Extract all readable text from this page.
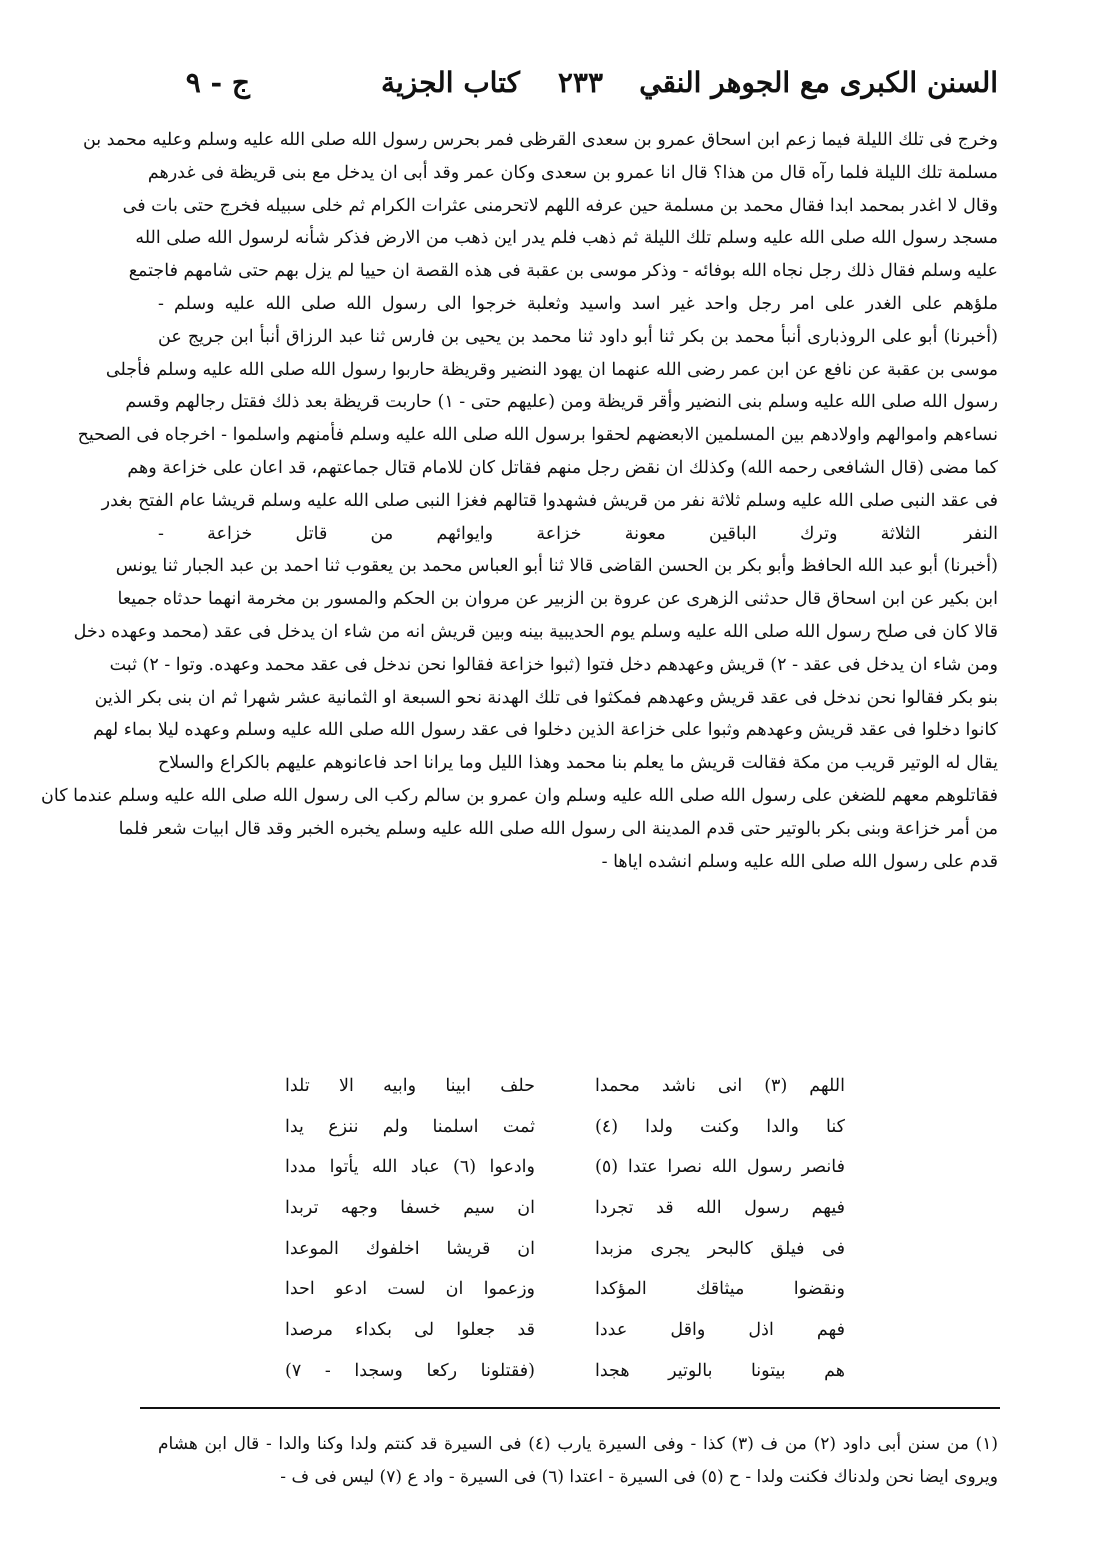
السنن الكبرى مع الجوهر النقي
٢٣٣
كتاب الجزية
ج - ٩
وخرج فى تلك الليلة فيما زعم ابن اسحاق عمرو بن سعدى القرظى فمر بحرس رسول الله صلى الله عليه وسلم وعليه محمد بن
مسلمة تلك الليلة فلما رآه قال من هذا؟ قال انا عمرو بن سعدى وكان عمر وقد أبى ان يدخل مع بنى قريظة فى غدرهم
وقال لا اغدر بمحمد ابدا فقال محمد بن مسلمة حين عرفه اللهم لاتحرمنى عثرات الكرام ثم خلى سبيله فخرج حتى بات فى
مسجد رسول الله صلى الله عليه وسلم تلك الليلة ثم ذهب فلم يدر اين ذهب من الارض فذكر شأنه لرسول الله صلى الله
عليه وسلم فقال ذلك رجل نجاه الله بوفائه - وذكر موسى بن عقبة فى هذه القصة ان حييا لم يزل بهم حتى شامهم فاجتمع
ملؤهم على الغدر على امر رجل واحد غير اسد واسيد وثعلبة خرجوا الى رسول الله صلى الله عليه وسلم -
(أخبرنا) أبو على الروذبارى أنبأ محمد بن بكر ثنا أبو داود ثنا محمد بن يحيى بن فارس ثنا عبد الرزاق أنبأ ابن جريج عن
موسى بن عقبة عن نافع عن ابن عمر رضى الله عنهما ان يهود النضير وقريظة حاربوا رسول الله صلى الله عليه وسلم فأجلى
رسول الله صلى الله عليه وسلم بنى النضير وأقر قريظة ومن (عليهم حتى - ١) حاربت قريظة بعد ذلك فقتل رجالهم وقسم
نساءهم واموالهم واولادهم بين المسلمين الابعضهم لحقوا برسول الله صلى الله عليه وسلم فأمنهم واسلموا - اخرجاه فى الصحيح
كما مضى (قال الشافعى رحمه الله) وكذلك ان نقض رجل منهم فقاتل كان للامام قتال جماعتهم، قد اعان على خزاعة وهم
فى عقد النبى صلى الله عليه وسلم ثلاثة نفر من قريش فشهدوا قتالهم فغزا النبى صلى الله عليه وسلم قريشا عام الفتح بغدر
النفر الثلاثة وترك الباقين معونة خزاعة وايوائهم من قاتل خزاعة -
(أخبرنا) أبو عبد الله الحافظ وأبو بكر بن الحسن القاضى قالا ثنا أبو العباس محمد بن يعقوب ثنا احمد بن عبد الجبار ثنا يونس
ابن بكير عن ابن اسحاق قال حدثنى الزهرى عن عروة بن الزبير عن مروان بن الحكم والمسور بن مخرمة انهما حدثاه جميعا
قالا كان فى صلح رسول الله صلى الله عليه وسلم يوم الحديبية بينه وبين قريش انه من شاء ان يدخل فى عقد (محمد وعهده دخل
ومن شاء ان يدخل فى عقد - ٢) قريش وعهدهم دخل فتوا (ثبوا خزاعة فقالوا نحن ندخل فى عقد محمد وعهده. وتوا - ٢) ثبت
بنو بكر فقالوا نحن ندخل فى عقد قريش وعهدهم فمكثوا فى تلك الهدنة نحو السبعة او الثمانية عشر شهرا ثم ان بنى بكر الذين
كانوا دخلوا فى عقد قريش وعهدهم وثبوا على خزاعة الذين دخلوا فى عقد رسول الله صلى الله عليه وسلم وعهده ليلا بماء لهم
يقال له الوتير قريب من مكة فقالت قريش ما يعلم بنا محمد وهذا الليل وما يرانا احد فاعانوهم عليهم بالكراع والسلاح
فقاتلوهم معهم للضغن على رسول الله صلى الله عليه وسلم وان عمرو بن سالم ركب الى رسول الله صلى الله عليه وسلم عندما كان
من أمر خزاعة وبنى بكر بالوتير حتى قدم المدينة الى رسول الله صلى الله عليه وسلم يخبره الخبر وقد قال ابيات شعر فلما
قدم على رسول الله صلى الله عليه وسلم انشده اياها -
اللهم (٣) انى ناشد محمدا
حلف ابينا وابيه الا تلدا
كنا والدا وكنت ولدا (٤)
ثمت اسلمنا ولم ننزع يدا
فانصر رسول الله نصرا عتدا (٥)
وادعوا (٦) عباد الله يأتوا مددا
فيهم رسول الله قد تجردا
ان سيم خسفا وجهه تربدا
فى فيلق كالبحر يجرى مزبدا
ان قريشا اخلفوك الموعدا
ونقضوا ميثاقك المؤكدا
وزعموا ان لست ادعو احدا
فهم اذل واقل عددا
قد جعلوا لى بكداء مرصدا
هم بيتونا بالوتير هجدا
(فقتلونا ركعا وسجدا - ٧)
(١) من سنن أبى داود (٢) من ف (٣) كذا - وفى السيرة يارب (٤) فى السيرة قد كنتم ولدا وكنا والدا - قال ابن هشام
ويروى ايضا نحن ولدناك فكنت ولدا - ح (٥) فى السيرة - اعتدا (٦) فى السيرة - واد ع (٧) ليس فى ف -
